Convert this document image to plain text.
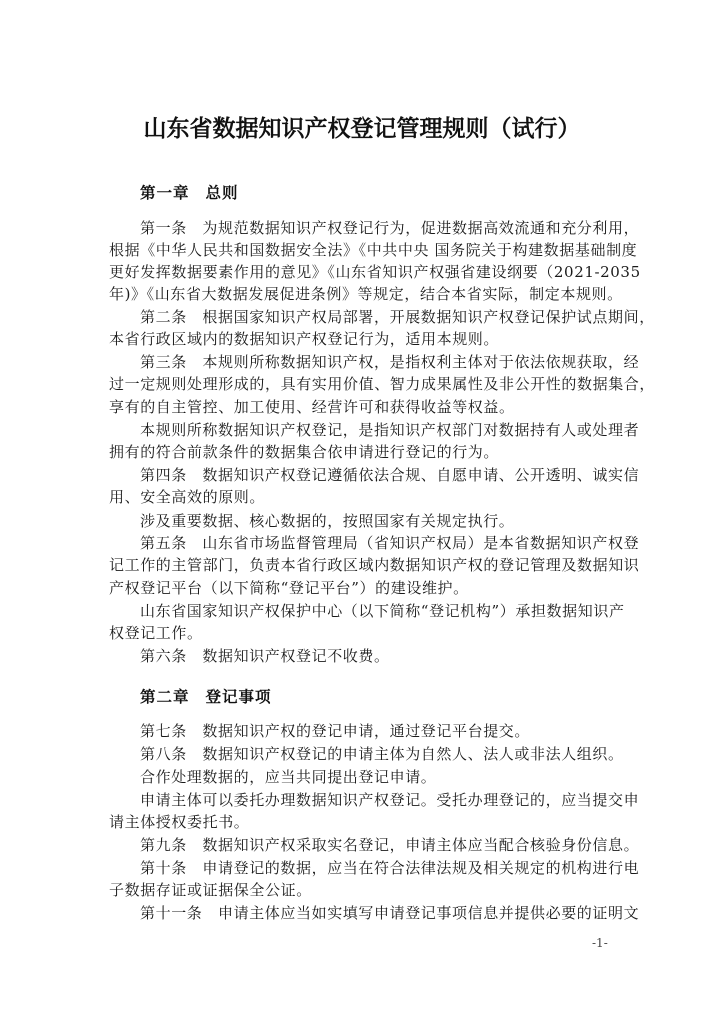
山东省数据知识产权登记管理规则（试行）
第一章 总则
第一条　为规范数据知识产权登记行为，促进数据高效流通和充分利用，
根据《中华人民共和国数据安全法》《中共中央 国务院关于构建数据基础制度
更好发挥数据要素作用的意见》《山东省知识产权强省建设纲要（2021-2035
年)》《山东省大数据发展促进条例》等规定，结合本省实际，制定本规则。
第二条　根据国家知识产权局部署，开展数据知识产权登记保护试点期间，
本省行政区域内的数据知识产权登记行为，适用本规则。
第三条　本规则所称数据知识产权，是指权利主体对于依法依规获取，经
过一定规则处理形成的，具有实用价值、智力成果属性及非公开性的数据集合，
享有的自主管控、加工使用、经营许可和获得收益等权益。
本规则所称数据知识产权登记，是指知识产权部门对数据持有人或处理者
拥有的符合前款条件的数据集合依申请进行登记的行为。
第四条　数据知识产权登记遵循依法合规、自愿申请、公开透明、诚实信
用、安全高效的原则。
涉及重要数据、核心数据的，按照国家有关规定执行。
第五条　山东省市场监督管理局（省知识产权局）是本省数据知识产权登
记工作的主管部门，负责本省行政区域内数据知识产权的登记管理及数据知识
产权登记平台（以下简称“登记平台”）的建设维护。
山东省国家知识产权保护中心（以下简称“登记机构”）承担数据知识产
权登记工作。
第六条　数据知识产权登记不收费。
第二章 登记事项
第七条　数据知识产权的登记申请，通过登记平台提交。
第八条　数据知识产权登记的申请主体为自然人、法人或非法人组织。
合作处理数据的，应当共同提出登记申请。
申请主体可以委托办理数据知识产权登记。受托办理登记的，应当提交申
请主体授权委托书。
第九条　数据知识产权采取实名登记，申请主体应当配合核验身份信息。
第十条　申请登记的数据，应当在符合法律法规及相关规定的机构进行电
子数据存证或证据保全公证。
第十一条　申请主体应当如实填写申请登记事项信息并提供必要的证明文
-1-
